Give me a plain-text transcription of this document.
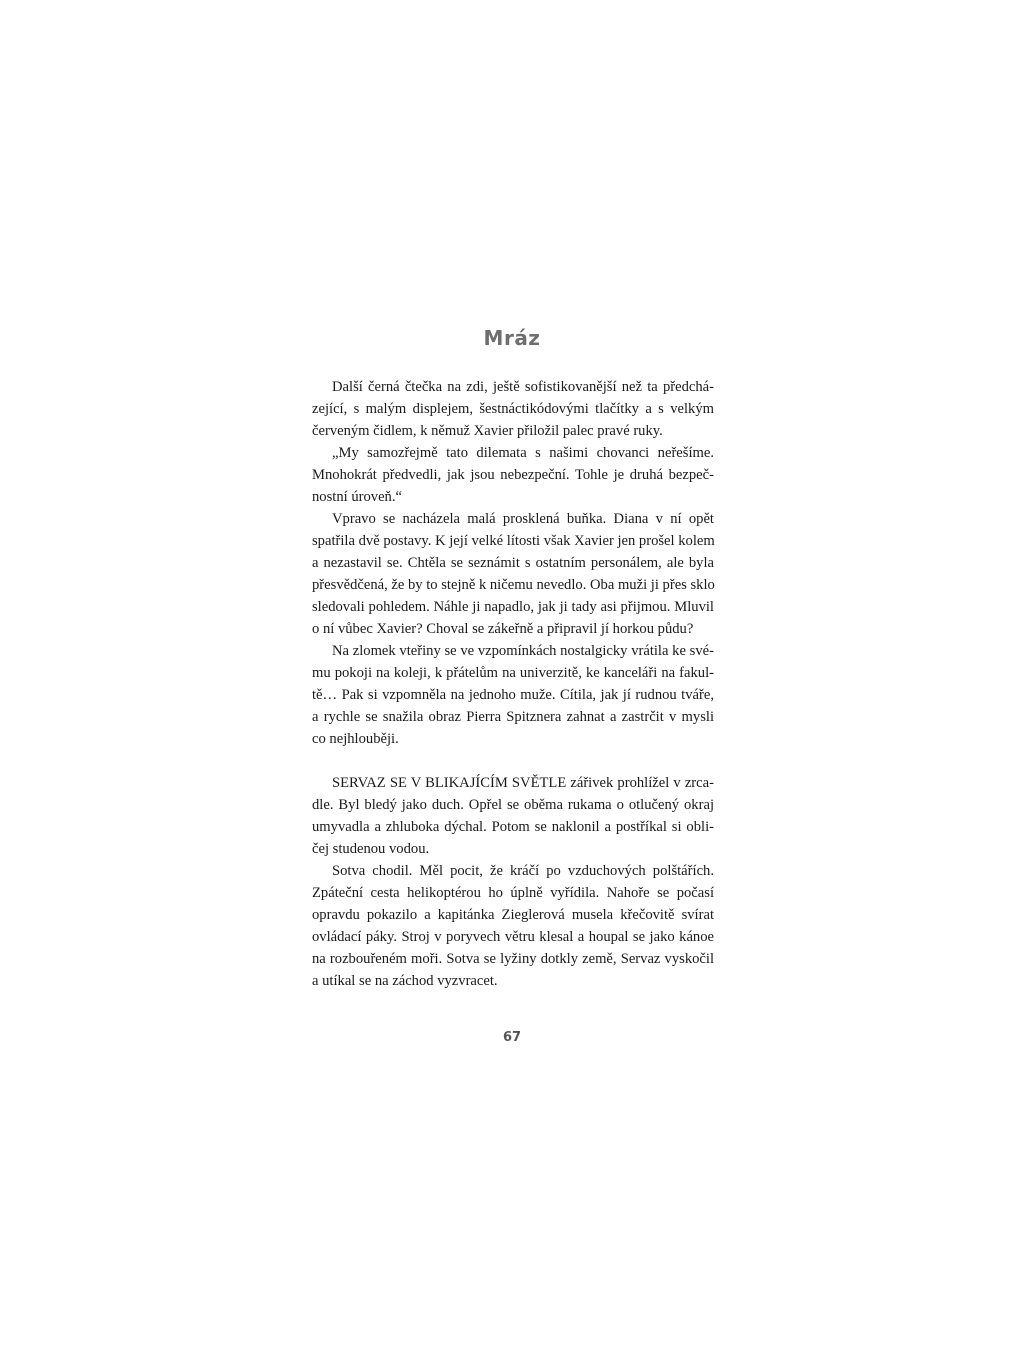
Mráz
Další černá čtečka na zdi, ještě sofistikovanější než ta předchá-
zející, s malým displejem, šestnáctikódovými tlačítky a s velkým
červeným čidlem, k němuž Xavier přiložil palec pravé ruky.
„My samozřejmě tato dilemata s našimi chovanci neřešíme.
Mnohokrát předvedli, jak jsou nebezpeční. Tohle je druhá bezpeč-
nostní úroveň.“
Vpravo se nacházela malá prosklená buňka. Diana v ní opět
spatřila dvě postavy. K její velké lítosti však Xavier jen prošel kolem
a nezastavil se. Chtěla se seznámit s ostatním personálem, ale byla
přesvědčená, že by to stejně k ničemu nevedlo. Oba muži ji přes sklo
sledovali pohledem. Náhle ji napadlo, jak ji tady asi přijmou. Mluvil
o ní vůbec Xavier? Choval se zákeřně a připravil jí horkou půdu?
Na zlomek vteřiny se ve vzpomínkách nostalgicky vrátila ke své-
mu pokoji na koleji, k přátelům na univerzitě, ke kanceláři na fakul-
tě… Pak si vzpomněla na jednoho muže. Cítila, jak jí rudnou tváře,
a rychle se snažila obraz Pierra Spitznera zahnat a zastrčit v mysli
co nejhlouběji.
SERVAZ SE V BLIKAJÍCÍM SVĚTLE zářivek prohlížel v zrca-
dle. Byl bledý jako duch. Opřel se oběma rukama o otlučený okraj
umyvadla a zhluboka dýchal. Potom se naklonil a postříkal si obli-
čej studenou vodou.
Sotva chodil. Měl pocit, že kráčí po vzduchových polštářích.
Zpáteční cesta helikoptérou ho úplně vyřídila. Nahoře se počasí
opravdu pokazilo a kapitánka Zieglerová musela křečovitě svírat
ovládací páky. Stroj v poryvech větru klesal a houpal se jako kánoe
na rozbouřeném moři. Sotva se lyžiny dotkly země, Servaz vyskočil
a utíkal se na záchod vyzvracet.
67
